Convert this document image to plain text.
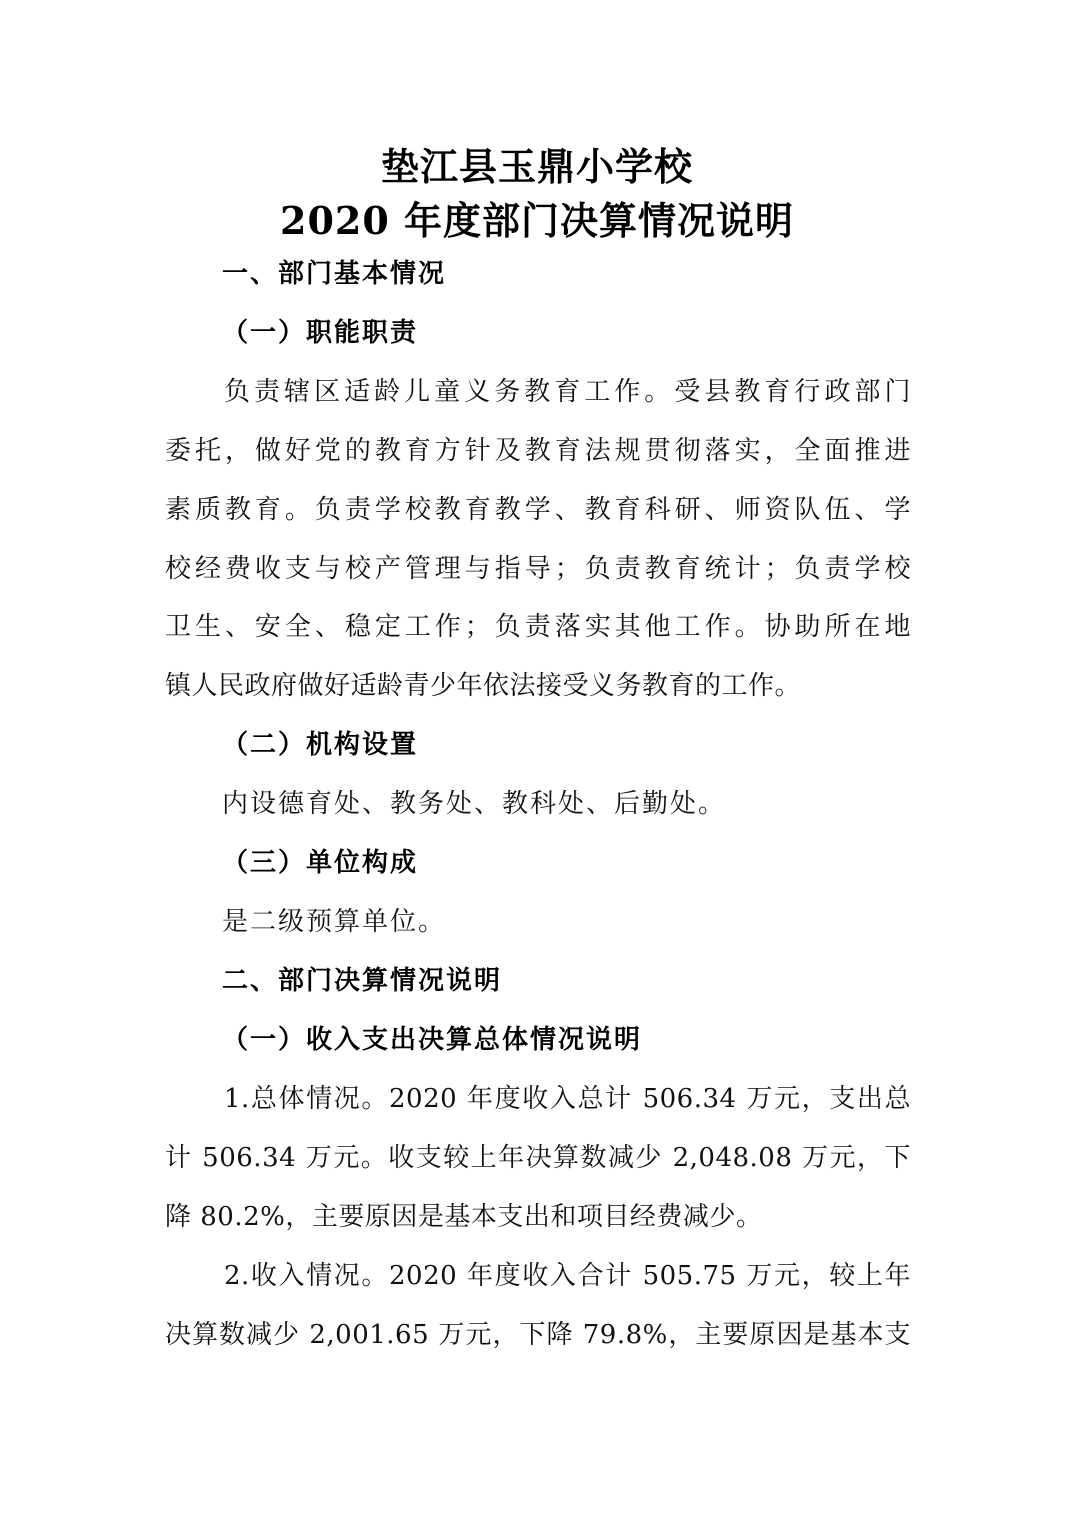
垫江县玉鼎小学校
2020 年度部门决算情况说明
一、部门基本情况
（一）职能职责
负责辖区适龄儿童义务教育工作。受县教育行政部门
委托，做好党的教育方针及教育法规贯彻落实，全面推进
素质教育。负责学校教育教学、教育科研、师资队伍、学
校经费收支与校产管理与指导；负责教育统计；负责学校
卫生、安全、稳定工作；负责落实其他工作。协助所在地
镇人民政府做好适龄青少年依法接受义务教育的工作。
（二）机构设置
内设德育处、教务处、教科处、后勤处。
（三）单位构成
是二级预算单位。
二、部门决算情况说明
（一）收入支出决算总体情况说明
1.总体情况。2020 年度收入总计 506.34 万元，支出总
计 506.34 万元。收支较上年决算数减少 2,048.08 万元，下
降 80.2%，主要原因是基本支出和项目经费减少。
2.收入情况。2020 年度收入合计 505.75 万元，较上年
决算数减少 2,001.65 万元，下降 79.8%，主要原因是基本支
